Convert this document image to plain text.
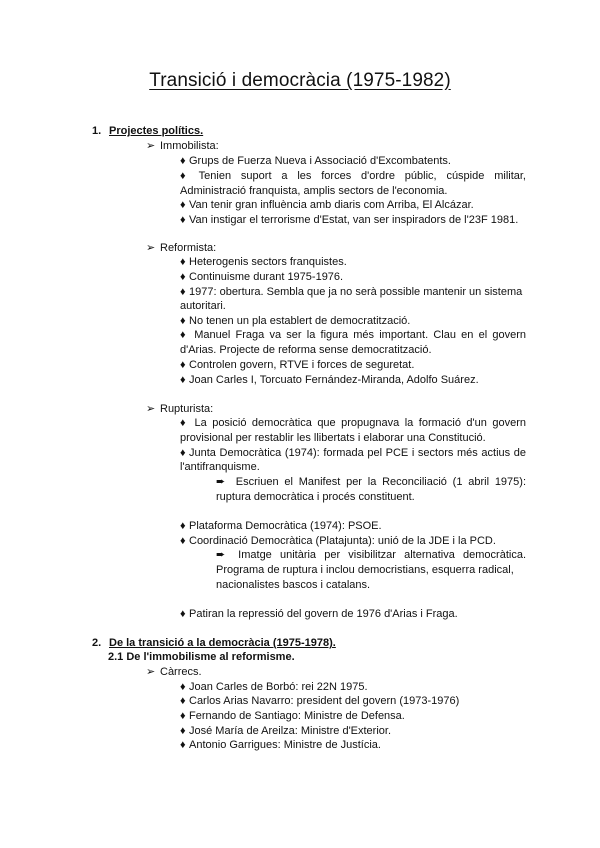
Transició i democràcia (1975-1982)
1. Projectes polítics.
➢ Immobilista:
♦ Grups de Fuerza Nueva i Associació d'Excombatents.
♦ Tenien suport a les forces d'ordre públic, cúspide militar,
Administració franquista, amplis sectors de l'economia.
♦ Van tenir gran influència amb diaris com Arriba, El Alcázar.
♦ Van instigar el terrorisme d'Estat, van ser inspiradors de l'23F 1981.
➢ Reformista:
♦ Heterogenis sectors franquistes.
♦ Continuisme durant 1975-1976.
♦ 1977: obertura. Sembla que ja no serà possible mantenir un sistema
autoritari.
♦ No tenen un pla establert de democratització.
♦ Manuel Fraga va ser la figura més important. Clau en el govern
d'Arias. Projecte de reforma sense democratització.
♦ Controlen govern, RTVE i forces de seguretat.
♦ Joan Carles I, Torcuato Fernández-Miranda, Adolfo Suárez.
➢ Rupturista:
♦ La posició democràtica que propugnava la formació d'un govern
provisional per restablir les llibertats i elaborar una Constitució.
♦ Junta Democràtica (1974): formada pel PCE i sectors més actius de
l'antifranquisme.
➨ Escriuen el Manifest per la Reconciliació (1 abril 1975):
ruptura democràtica i procés constituent.
♦ Plataforma Democràtica (1974): PSOE.
♦ Coordinació Democràtica (Platajunta): unió de la JDE i la PCD.
➨ Imatge unitària per visibilitzar alternativa democràtica.
Programa de ruptura i inclou democristians, esquerra radical,
nacionalistes bascos i catalans.
♦ Patiran la repressió del govern de 1976 d'Arias i Fraga.
2. De la transició a la democràcia (1975-1978).
2.1 De l'immobilisme al reformisme.
➢ Càrrecs.
♦ Joan Carles de Borbó: rei 22N 1975.
♦ Carlos Arias Navarro: president del govern (1973-1976)
♦ Fernando de Santiago: Ministre de Defensa.
♦ José María de Areilza: Ministre d'Exterior.
♦ Antonio Garrigues: Ministre de Justícia.
